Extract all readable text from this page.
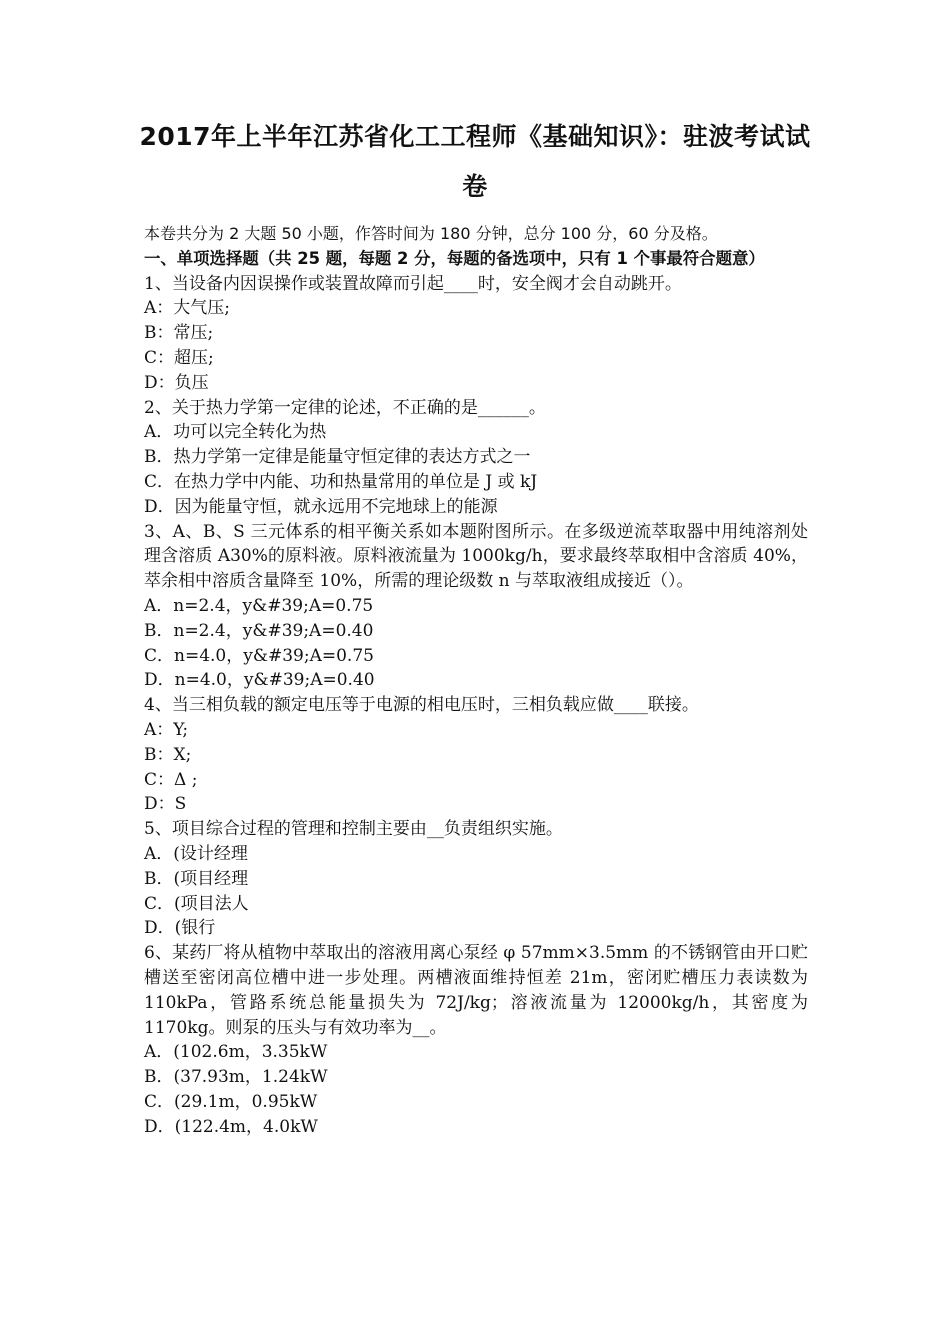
2017年上半年江苏省化工工程师《基础知识》：驻波考试试卷
本卷共分为 2 大题 50 小题，作答时间为 180 分钟，总分 100 分，60 分及格。
一、单项选择题（共 25 题，每题 2 分，每题的备选项中，只有 1 个事最符合题意）
1、当设备内因误操作或装置故障而引起____时，安全阀才会自动跳开。
A：大气压;
B：常压;
C：超压;
D：负压
2、关于热力学第一定律的论述，不正确的是______。
A．功可以完全转化为热
B．热力学第一定律是能量守恒定律的表达方式之一
C．在热力学中内能、功和热量常用的单位是 J 或 kJ
D．因为能量守恒，就永远用不完地球上的能源
3、A、B、S 三元体系的相平衡关系如本题附图所示。在多级逆流萃取器中用纯溶剂处理含溶质 A30%的原料液。原料液流量为 1000kg/h，要求最终萃取相中含溶质 40%，萃余相中溶质含量降至 10%，所需的理论级数 n 与萃取液组成接近（）。
A．n=2.4，y&#39;A=0.75
B．n=2.4，y&#39;A=0.40
C．n=4.0，y&#39;A=0.75
D．n=4.0，y&#39;A=0.40
4、当三相负载的额定电压等于电源的相电压时，三相负载应做____联接。
A：Y;
B：X;
C：Δ ;
D：S
5、项目综合过程的管理和控制主要由__负责组织实施。
A．(设计经理
B．(项目经理
C．(项目法人
D．(银行
6、某药厂将从植物中萃取出的溶液用离心泵经 φ 57mm×3.5mm 的不锈钢管由开口贮槽送至密闭高位槽中进一步处理。两槽液面维持恒差 21m，密闭贮槽压力表读数为 110kPa，管路系统总能量损失为 72J/kg；溶液流量为 12000kg/h，其密度为 1170kg。则泵的压头与有效功率为__。
A．(102.6m，3.35kW
B．(37.93m，1.24kW
C．(29.1m，0.95kW
D．(122.4m，4.0kW
